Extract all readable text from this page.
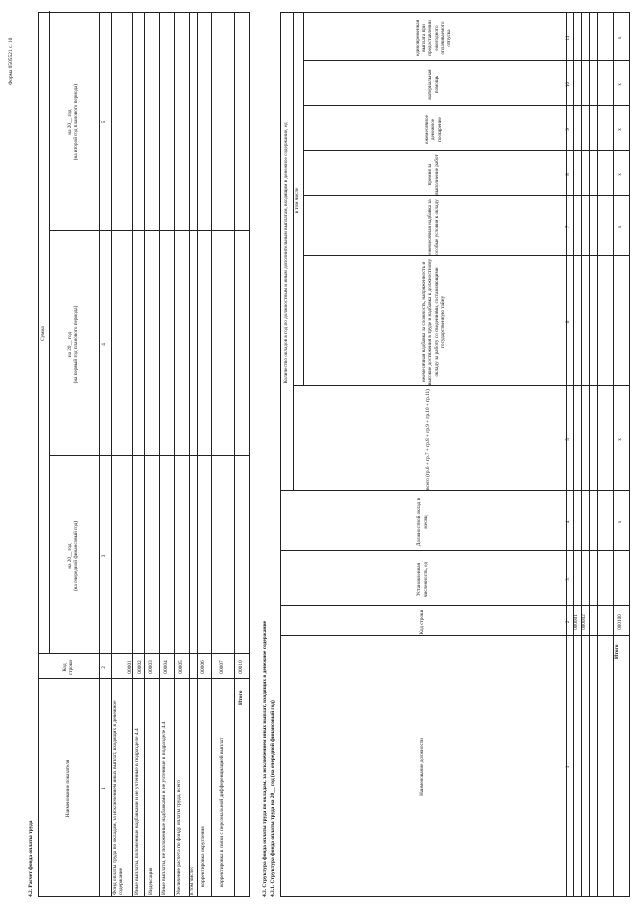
Форма 0505521 с. 10
4.2. Расчет фонда оплаты труда
Наименование показателя
Код строки
Сумма
на 20__ год
(на очередной финансовый год)
на 20__ год
(на первый год планового периода)
на 20__ год
(на второй год планового периода)
1
2
3
4
5
Фонд оплаты труда по окладам, за исключением иных выплат, входящих в денежное содержание
00001
Иные выплаты, положенные надбавками и не учтенные в подразделе 4.4
00002
Индексация
00003
Иные выплаты, не положенные надбавками и не учтенные в подразделе 4.4
00004
Увеличение расчета по фонду оплаты труда, всего
00005
в том числе: корректировка округления
00006
корректировка в связи с персональной дифференциацией выплат
00007
Итого
00010	4.3. Структура фонда оплаты труда по окладам, за исключением иных выплат, входящих в денежное содержание 4.3.1. Структура фонда оплаты труда на 20__ год (на очередной финансовый год)	Наименование должности
Код строки
Установленная численность, ед
Должностной оклад в месяц
Количество окладов в год по должностным и иным дополнительным выплатам, входящим в денежное содержание, ед
всего (гр.6 + гр.7 + гр.8 + гр.9 + гр.10 + гр.11)
в том числе
ежемесячная надбавка за сложность, напряженность и высокие достижения в труде и надбавка к должностному окладу за работу со сведениями, составляющими государственную тайну
ежемесячная надбавка за особые условия к окладу
премия за выполнение работ
ежемесячное денежное поощрение
материальная помощь
единовременная выплата при предоставлении ежегодного оплачиваемого отпуска
1
2
3
4
5
6
7
8
9
10
11
000001 000002
Итого
000100
х
х
х
х
х
х
х
